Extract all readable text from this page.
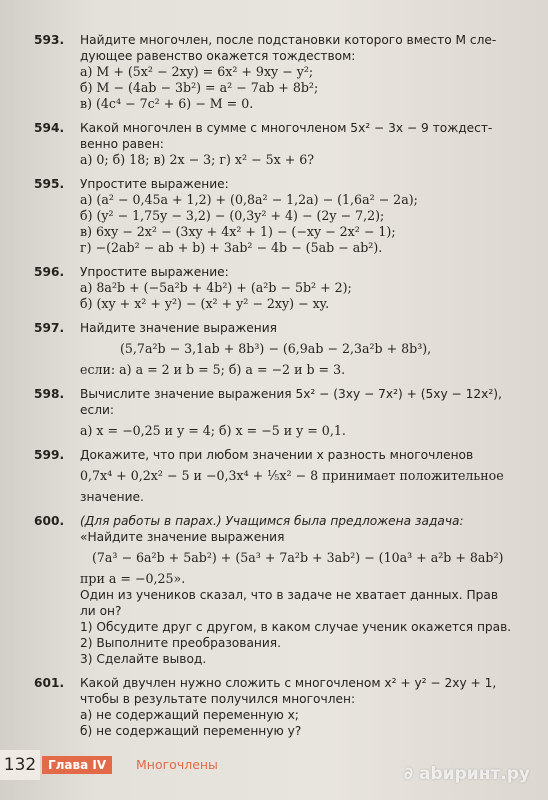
593. Найдите многочлен, после подстановки которого вместо M сле-
дующее равенство окажется тождеством:
а) M + (5x² − 2xy) = 6x² + 9xy − y²;
б) M − (4ab − 3b²) = a² − 7ab + 8b²;
в) (4c⁴ − 7c² + 6) − M = 0.
594. Какой многочлен в сумме с многочленом 5x² − 3x − 9 тождест-
венно равен:
а) 0; б) 18; в) 2x − 3; г) x² − 5x + 6?
595. Упростите выражение:
а) (a² − 0,45a + 1,2) + (0,8a² − 1,2a) − (1,6a² − 2a);
б) (y² − 1,75y − 3,2) − (0,3y² + 4) − (2y − 7,2);
в) 6xy − 2x² − (3xy + 4x² + 1) − (−xy − 2x² − 1);
г) −(2ab² − ab + b) + 3ab² − 4b − (5ab − ab²).
596. Упростите выражение:
а) 8a²b + (−5a²b + 4b²) + (a²b − 5b² + 2);
б) (xy + x² + y²) − (x² + y² − 2xy) − xy.
597. Найдите значение выражения
(5,7a²b − 3,1ab + 8b³) − (6,9ab − 2,3a²b + 8b³),
если: а) a = 2 и b = 5; б) a = −2 и b = 3.
598. Вычислите значение выражения 5x² − (3xy − 7x²) + (5xy − 12x²),
если:
а) x = −0,25 и y = 4; б) x = −5 и y = 0,1.
599. Докажите, что при любом значении x разность многочленов
0,7x⁴ + 0,2x² − 5 и −0,3x⁴ + ⅕x² − 8 принимает положительное
значение.
600. (Для работы в парах.) Учащимся была предложена задача:
«Найдите значение выражения
(7a³ − 6a²b + 5ab²) + (5a³ + 7a²b + 3ab²) − (10a³ + a²b + 8ab²)
при a = −0,25».
Один из учеников сказал, что в задаче не хватает данных. Прав
ли он?
1) Обсудите друг с другом, в каком случае ученик окажется прав.
2) Выполните преобразования.
3) Сделайте вывод.
601. Какой двучлен нужно сложить с многочленом x² + y² − 2xy + 1,
чтобы в результате получился многочлен:
а) не содержащий переменную x;
б) не содержащий переменную y?
132 Глава IV	Многочлены	∂ abиринт.ру
